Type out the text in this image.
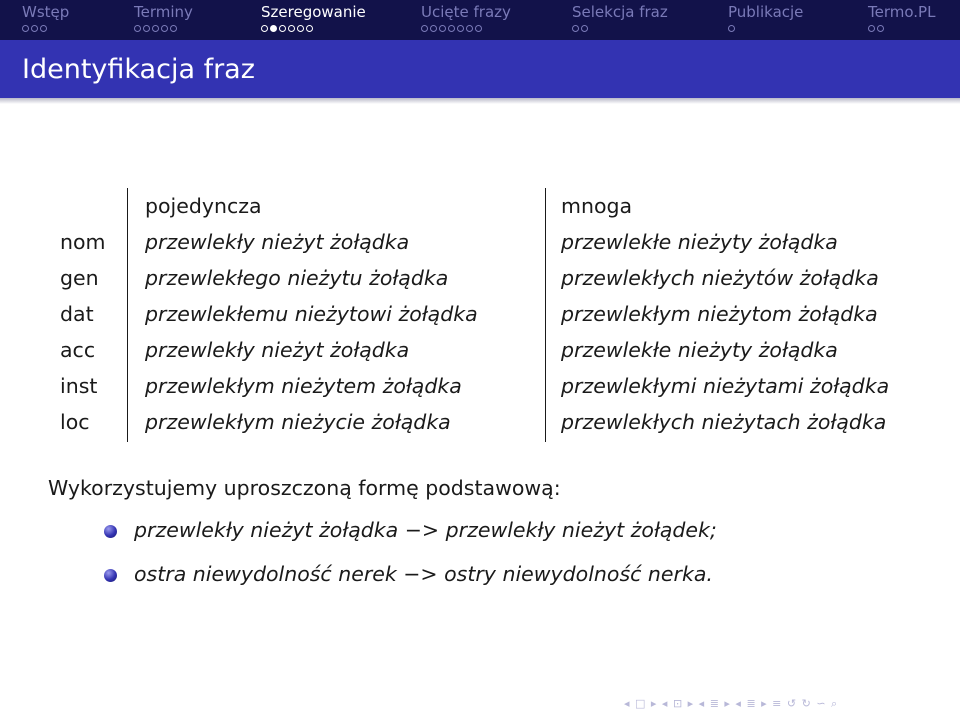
Wstęp	Terminy	Szeregowanie	Ucięte frazy	Selekcja fraz	Publikacje	Termo.PL
Identyfikacja fraz
pojedyncza	mnoga
nom przewlekły nieżyt żołądka	przewlekłe nieżyty żołądka
gen przewlekłego nieżytu żołądka	przewlekłych nieżytów żołądka
dat	przewlekłemu nieżytowi żołądka	przewlekłym nieżytom żołądka
acc przewlekły nieżyt żołądka	przewlekłe nieżyty żołądka
inst przewlekłym nieżytem żołądka	przewlekłymi nieżytami żołądka
loc	przewlekłym nieżycie żołądka	przewlekłych nieżytach żołądka
Wykorzystujemy uproszczoną formę podstawową:
przewlekły nieżyt żołądka −> przewlekły nieżyt żołądek;
ostra niewydolność nerek −> ostry niewydolność nerka.
◂ □ ▸ ◂ ⊡ ▸ ◂ ≣ ▸ ◂ ≣ ▸ ≡ ↺ ↻ ∽ ⌕
